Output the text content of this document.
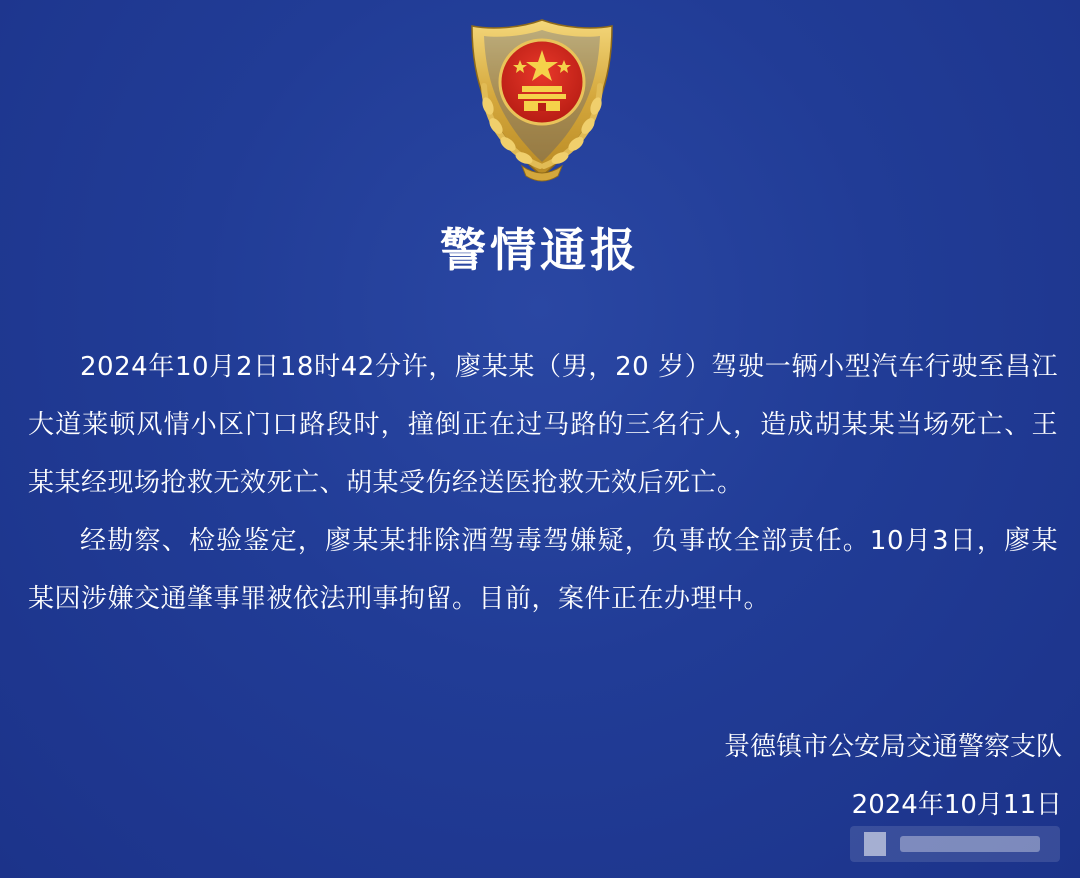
警情通报

2024年10月2日18时42分许，廖某某（男，20 岁）驾驶一辆小型汽车行驶至昌江大道莱顿风情小区门口路段时，撞倒正在过马路的三名行人，造成胡某某当场死亡、王某某经现场抢救无效死亡、胡某受伤经送医抢救无效后死亡。

经勘察、检验鉴定，廖某某排除酒驾毒驾嫌疑，负事故全部责任。10月3日，廖某某因涉嫌交通肇事罪被依法刑事拘留。目前，案件正在办理中。

景德镇市公安局交通警察支队
2024年10月11日
